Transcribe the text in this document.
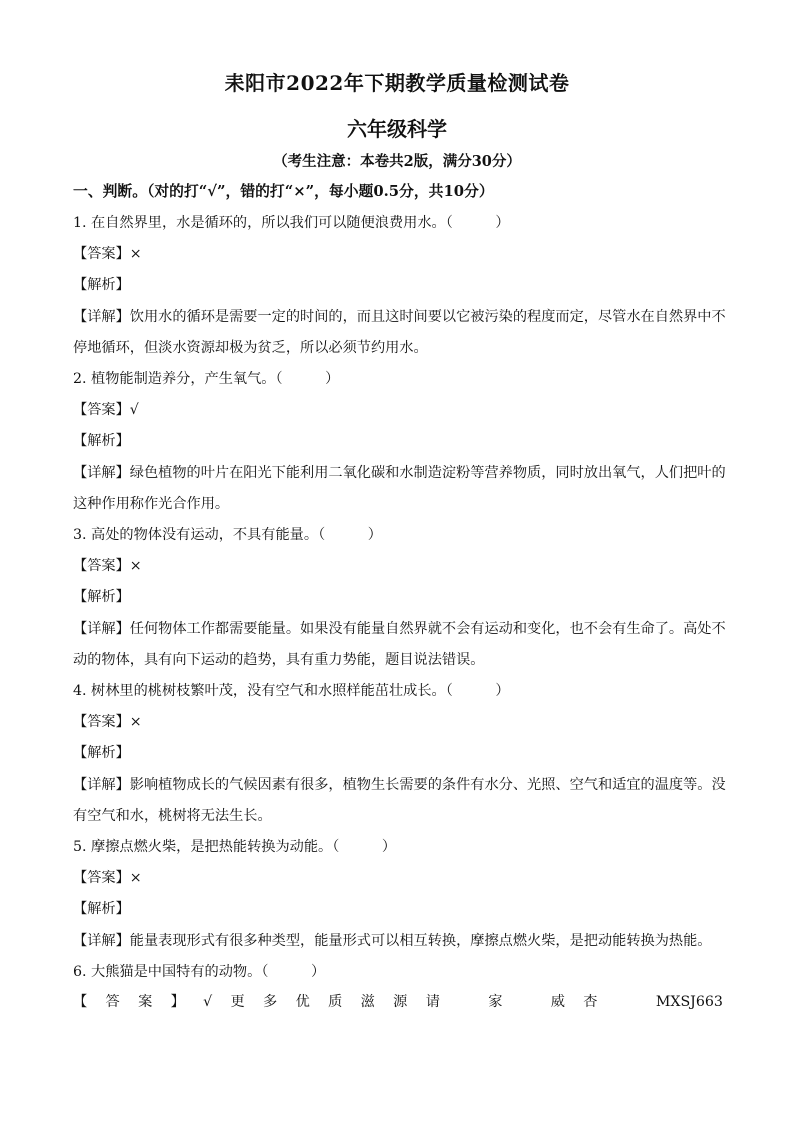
耒阳市2022年下期教学质量检测试卷
六年级科学
（考生注意：本卷共2版，满分30分）
一、判断。（对的打“√”，错的打“×”，每小题0.5分，共10分）
1. 在自然界里，水是循环的，所以我们可以随便浪费用水。（　　　）
【答案】×
【解析】
【详解】饮用水的循环是需要一定的时间的，而且这时间要以它被污染的程度而定，尽管水在自然界中不
停地循环，但淡水资源却极为贫乏，所以必须节约用水。
2. 植物能制造养分，产生氧气。（　　　）
【答案】√
【解析】
【详解】绿色植物的叶片在阳光下能利用二氧化碳和水制造淀粉等营养物质，同时放出氧气，人们把叶的
这种作用称作光合作用。
3. 高处的物体没有运动，不具有能量。（　　　）
【答案】×
【解析】
【详解】任何物体工作都需要能量。如果没有能量自然界就不会有运动和变化，也不会有生命了。高处不
动的物体，具有向下运动的趋势，具有重力势能，题目说法错误。
4. 树林里的桃树枝繁叶茂，没有空气和水照样能茁壮成长。（　　　）
【答案】×
【解析】
【详解】影响植物成长的气候因素有很多，植物生长需要的条件有水分、光照、空气和适宜的温度等。没
有空气和水，桃树将无法生长。
5. 摩擦点燃火柴，是把热能转换为动能。（　　　）
【答案】×
【解析】
【详解】能量表现形式有很多种类型，能量形式可以相互转换，摩擦点燃火柴，是把动能转换为热能。
6. 大熊猫是中国特有的动物。（　　　）
【 答 案 】 √ 更 多 优 质 滋 源 请	家	威 杏	MXSJ663
